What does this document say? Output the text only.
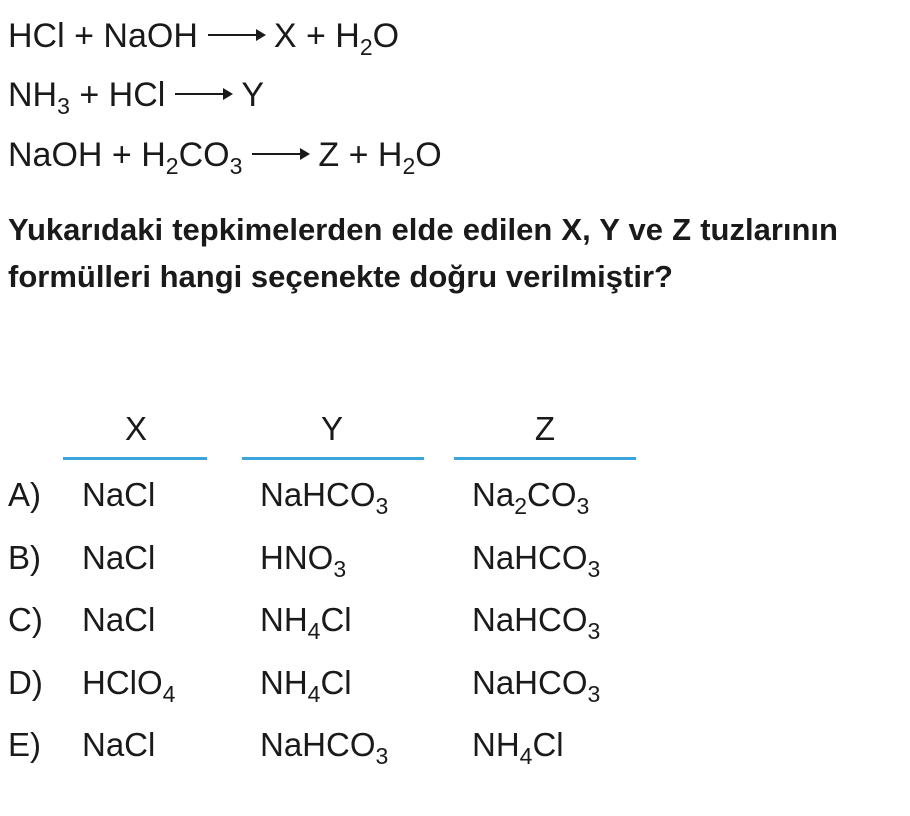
HCl + NaOH → $X + H_2O$
$NH_3$ + HCl → Y
NaOH + $H_2CO_3 \to Z + H_2O$
Yukarıdaki tepkimelerden elde edilen X, Y ve Z tuzlarının formülleri hangi seçenekte doğru verilmiştir?
X	Y	Z
A) NaCl	NaHCO$_3$	$Na_2CO_3$
B) NaCl	$HNO_3$	NaHCO$_3$
C) NaCl	$NH_4Cl$	NaHCO$_3$
D) HClO$_4$	$NH_4Cl$	NaHCO$_3$
E) NaCl	NaHCO$_3$	$NH_4Cl$
